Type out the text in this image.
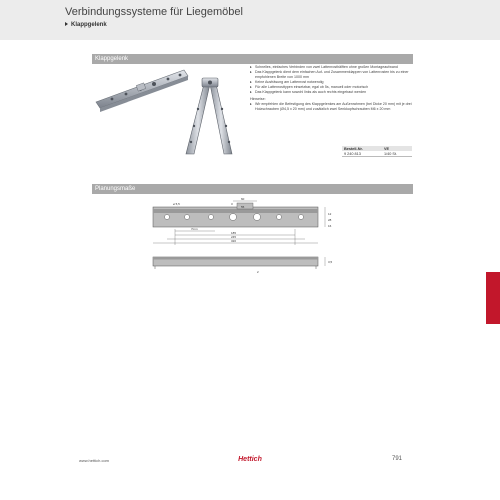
Verbindungssysteme für Liegemöbel
Klappgelenk
Klappgelenk
▸ Schnelles, einfaches Verbinden von zwei Lattenrosthälften ohne großen Montageaufwand
▸ Das Klappgelenk dient dem einfachen Auf- und Zusammenklappen von Lattenrosten bis zu einer empfohlenen Breite von 1000 mm
▸ Keine Ausfräsung am Lattenrost notwendig
▸ Für alle Lattenrosttypen einsetzbar, egal ob 5s, manuell oder motorisch
▸ Das Klappgelenk kann sowohl links als auch rechts eingebaut werden
Hinweise:
▸ Wir empfehlen die Befestigung des Klappgelenkes am Außenrahmen (bei Dicke 20 mm) mit je drei Holzschrauben (Ø4,5 x 20 mm) und zusätzlich zwei Senkkopfschrauben M6 x 20 mm
Bestell-Nr.	VE
9 240 813	1/40 St.
Planungsmaße
ø 5,5	3
60
55
7mm
185
245
320
12
28
16
3,5
2
www.hettich.com	Hettich	791
